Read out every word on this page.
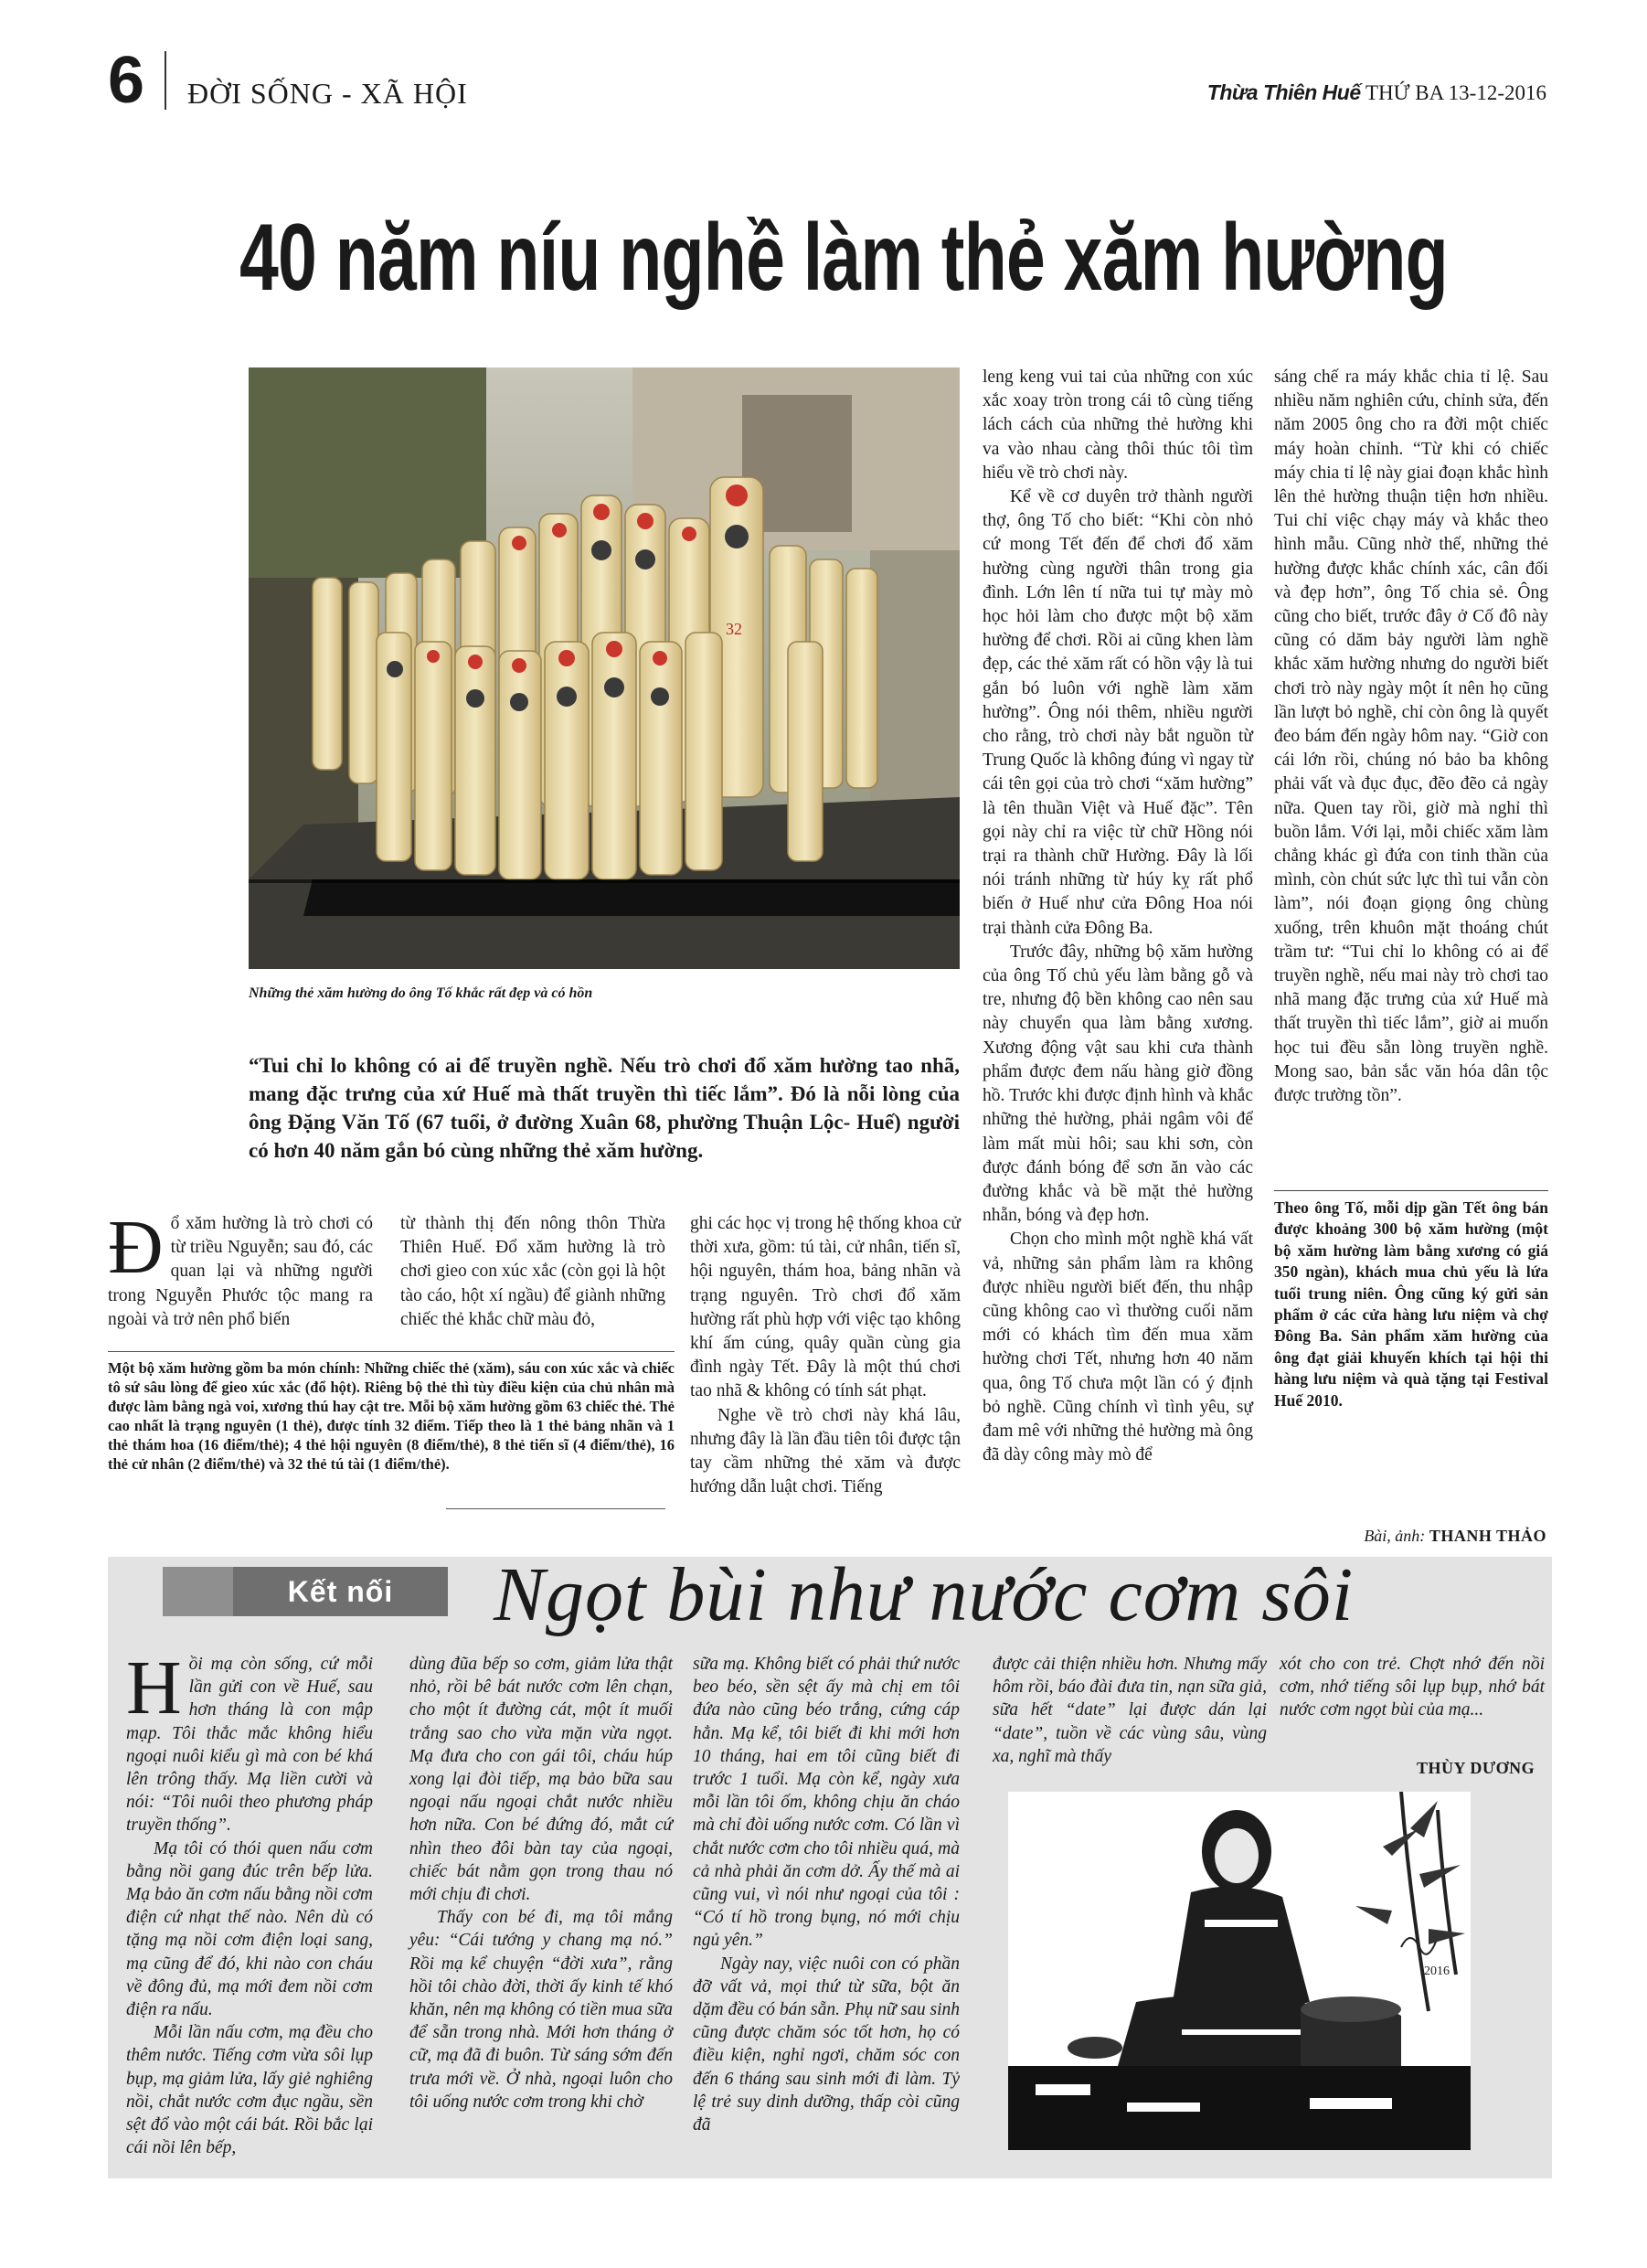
6 ĐỜI SỐNG - XÃ HỘI	Thừa Thiên Huế THỨ BA 13-12-2016
40 năm níu nghề làm thẻ xăm hường
32
Những thẻ xăm hường do ông Tố khắc rất đẹp và có hồn
“Tui chỉ lo không có ai để truyền nghề. Nếu trò chơi đổ xăm hường tao nhã, mang đặc trưng của xứ Huế mà thất truyền thì tiếc lắm”. Đó là nỗi lòng của ông Đặng Văn Tố (67 tuổi, ở đường Xuân 68, phường Thuận Lộc- Huế) người có hơn 40 năm gắn bó cùng những thẻ xăm hường.

Đổ xăm hường là trò chơi có từ triều Nguyễn; sau đó, các quan lại và những người trong Nguyễn Phước tộc mang ra ngoài và trở nên phổ biến

từ thành thị đến nông thôn Thừa Thiên Huế. Đổ xăm hường là trò chơi gieo con xúc xắc (còn gọi là hột tào cáo, hột xí ngầu) để giành những chiếc thẻ khắc chữ màu đỏ,

Một bộ xăm hường gồm ba món chính: Những chiếc thẻ (xăm), sáu con xúc xắc và chiếc tô sứ sâu lòng để gieo xúc xắc (đổ hột). Riêng bộ thẻ thì tùy điều kiện của chủ nhân mà được làm bằng ngà voi, xương thú hay cật tre. Mỗi bộ xăm hường gồm 63 chiếc thẻ. Thẻ cao nhất là trạng nguyên (1 thẻ), được tính 32 điểm. Tiếp theo là 1 thẻ bảng nhãn và 1 thẻ thám hoa (16 điểm/thẻ); 4 thẻ hội nguyên (8 điểm/thẻ), 8 thẻ tiến sĩ (4 điểm/thẻ), 16 thẻ cử nhân (2 điểm/thẻ) và 32 thẻ tú tài (1 điểm/thẻ).

ghi các học vị trong hệ thống khoa cử thời xưa, gồm: tú tài, cử nhân, tiến sĩ, hội nguyên, thám hoa, bảng nhãn và trạng nguyên. Trò chơi đổ xăm hường rất phù hợp với việc tạo không khí ấm cúng, quây quần cùng gia đình ngày Tết. Đây là một thú chơi tao nhã & không có tính sát phạt.

Nghe về trò chơi này khá lâu, nhưng đây là lần đầu tiên tôi được tận tay cầm những thẻ xăm và được hướng dẫn luật chơi. Tiếng

leng keng vui tai của những con xúc xắc xoay tròn trong cái tô cùng tiếng lách cách của những thẻ hường khi va vào nhau càng thôi thúc tôi tìm hiểu về trò chơi này.

Kể về cơ duyên trở thành người thợ, ông Tố cho biết: “Khi còn nhỏ cứ mong Tết đến để chơi đổ xăm hường cùng người thân trong gia đình. Lớn lên tí nữa tui tự mày mò học hỏi làm cho được một bộ xăm hường để chơi. Rồi ai cũng khen làm đẹp, các thẻ xăm rất có hồn vậy là tui gắn bó luôn với nghề làm xăm hường”. Ông nói thêm, nhiều người cho rằng, trò chơi này bắt nguồn từ Trung Quốc là không đúng vì ngay từ cái tên gọi của trò chơi “xăm hường” là tên thuần Việt và Huế đặc”. Tên gọi này chỉ ra việc từ chữ Hồng nói trại ra thành chữ Hường. Đây là lối nói tránh những từ húy kỵ rất phổ biến ở Huế như cửa Đông Hoa nói trại thành cửa Đông Ba.

Trước đây, những bộ xăm hường của ông Tố chủ yếu làm bằng gỗ và tre, nhưng độ bền không cao nên sau này chuyển qua làm bằng xương. Xương động vật sau khi cưa thành phẩm được đem nấu hàng giờ đồng hồ. Trước khi được định hình và khắc những thẻ hường, phải ngâm vôi để làm mất mùi hôi; sau khi sơn, còn được đánh bóng để sơn ăn vào các đường khắc và bề mặt thẻ hường nhẵn, bóng và đẹp hơn.

Chọn cho mình một nghề khá vất vả, những sản phẩm làm ra không được nhiều người biết đến, thu nhập cũng không cao vì thường cuối năm mới có khách tìm đến mua xăm hường chơi Tết, nhưng hơn 40 năm qua, ông Tố chưa một lần có ý định bỏ nghề. Cũng chính vì tình yêu, sự đam mê với những thẻ hường mà ông đã dày công mày mò để

sáng chế ra máy khắc chia tỉ lệ. Sau nhiều năm nghiên cứu, chỉnh sửa, đến năm 2005 ông cho ra đời một chiếc máy hoàn chỉnh. “Từ khi có chiếc máy chia tỉ lệ này giai đoạn khắc hình lên thẻ hường thuận tiện hơn nhiều. Tui chỉ việc chạy máy và khắc theo hình mẫu. Cũng nhờ thế, những thẻ hường được khắc chính xác, cân đối và đẹp hơn”, ông Tố chia sẻ. Ông cũng cho biết, trước đây ở Cố đô này cũng có dăm bảy người làm nghề khắc xăm hường nhưng do người biết chơi trò này ngày một ít nên họ cũng lần lượt bỏ nghề, chỉ còn ông là quyết đeo bám đến ngày hôm nay. “Giờ con cái lớn rồi, chúng nó bảo ba không phải vất và đục đục, đẽo đẽo cả ngày nữa. Quen tay rồi, giờ mà nghỉ thì buồn lắm. Với lại, mỗi chiếc xăm làm chẳng khác gì đứa con tinh thần của mình, còn chút sức lực thì tui vẫn còn làm”, nói đoạn giọng ông chùng xuống, trên khuôn mặt thoáng chút trầm tư: “Tui chỉ lo không có ai để truyền nghề, nếu mai này trò chơi tao nhã mang đặc trưng của xứ Huế mà thất truyền thì tiếc lắm”, giờ ai muốn học tui đều sẵn lòng truyền nghề. Mong sao, bản sắc văn hóa dân tộc được trường tồn”.

Theo ông Tố, mỗi dịp gần Tết ông bán được khoảng 300 bộ xăm hường (một bộ xăm hường làm bằng xương có giá 350 ngàn), khách mua chủ yếu là lứa tuổi trung niên. Ông cũng ký gửi sản phẩm ở các cửa hàng lưu niệm và chợ Đông Ba. Sản phẩm xăm hường của ông đạt giải khuyến khích tại hội thi hàng lưu niệm và quà tặng tại Festival Huế 2010.
Bài, ảnh: THANH THẢO
Kết nối	Ngọt bùi như nước cơm sôi

Hồi mạ còn sống, cứ mỗi lần gửi con về Huế, sau hơn tháng là con mập mạp. Tôi thắc mắc không hiểu ngoại nuôi kiểu gì mà con bé khá lên trông thấy. Mạ liền cười và nói: “Tôi nuôi theo phương pháp truyền thống”.

Mạ tôi có thói quen nấu cơm bằng nồi gang đúc trên bếp lửa. Mạ bảo ăn cơm nấu bằng nồi cơm điện cứ nhạt thế nào. Nên dù có tặng mạ nồi cơm điện loại sang, mạ cũng để đó, khi nào con cháu về đông đủ, mạ mới đem nồi cơm điện ra nấu.

Mỗi lần nấu cơm, mạ đều cho thêm nước. Tiếng cơm vừa sôi lụp bụp, mạ giảm lửa, lấy giẻ nghiêng nồi, chắt nước cơm đục ngầu, sền sệt đổ vào một cái bát. Rồi bắc lại cái nồi lên bếp,

dùng đũa bếp so cơm, giảm lửa thật nhỏ, rồi bê bát nước cơm lên chạn, cho một ít đường cát, một ít muối trắng sao cho vừa mặn vừa ngọt. Mạ đưa cho con gái tôi, cháu húp xong lại đòi tiếp, mạ bảo bữa sau ngoại nấu ngoại chắt nước nhiều hơn nữa. Con bé đứng đó, mắt cứ nhìn theo đôi bàn tay của ngoại, chiếc bát nằm gọn trong thau nó mới chịu đi chơi.

Thấy con bé đi, mạ tôi mắng yêu: “Cái tướng y chang mạ nó.” Rồi mạ kể chuyện “đời xưa”, rằng hồi tôi chào đời, thời ấy kinh tế khó khăn, nên mạ không có tiền mua sữa để sẵn trong nhà. Mới hơn tháng ở cữ, mạ đã đi buôn. Từ sáng sớm đến trưa mới về. Ở nhà, ngoại luôn cho tôi uống nước cơm trong khi chờ

sữa mạ. Không biết có phải thứ nước beo béo, sền sệt ấy mà chị em tôi đứa nào cũng béo trắng, cứng cáp hẳn. Mạ kể, tôi biết đi khi mới hơn 10 tháng, hai em tôi cũng biết đi trước 1 tuổi. Mạ còn kể, ngày xưa mỗi lần tôi ốm, không chịu ăn cháo mà chỉ đòi uống nước cơm. Có lần vì chắt nước cơm cho tôi nhiều quá, mà cả nhà phải ăn cơm dở. Ấy thế mà ai cũng vui, vì nói như ngoại của tôi : “Có tí hồ trong bụng, nó mới chịu ngủ yên.”

Ngày nay, việc nuôi con có phần đỡ vất vả, mọi thứ từ sữa, bột ăn dặm đều có bán sẵn. Phụ nữ sau sinh cũng được chăm sóc tốt hơn, họ có điều kiện, nghỉ ngơi, chăm sóc con đến 6 tháng sau sinh mới đi làm. Tỷ lệ trẻ suy dinh dưỡng, thấp còi cũng đã

được cải thiện nhiều hơn. Nhưng mấy hôm rồi, báo đài đưa tin, nạn sữa giả, sữa hết “date” lại được dán lại “date”, tuồn về các vùng sâu, vùng xa, nghĩ mà thấy

xót cho con trẻ. Chợt nhớ đến nồi cơm, nhớ tiếng sôi lụp bụp, nhớ bát nước cơm ngọt bùi của mạ...

THÙY DƯƠNG
2016
